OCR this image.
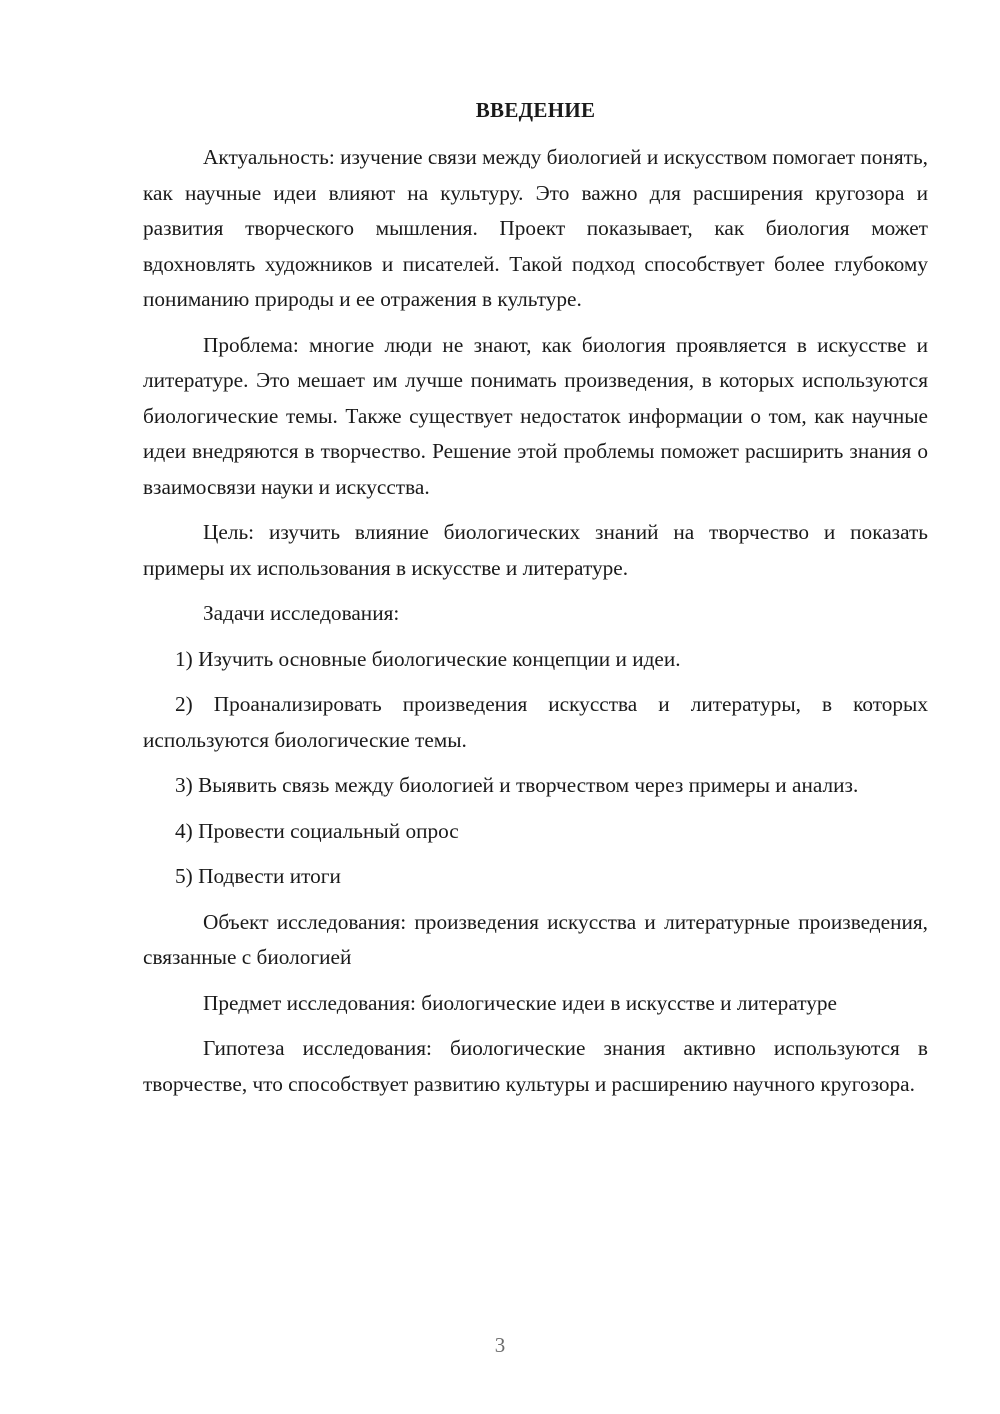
ВВЕДЕНИЕ

Актуальность: изучение связи между биологией и искусством помогает понять, как научные идеи влияют на культуру. Это важно для расширения кругозора и развития творческого мышления. Проект показывает, как биология может вдохновлять художников и писателей. Такой подход способствует более глубокому пониманию природы и ее отражения в культуре.

Проблема: многие люди не знают, как биология проявляется в искусстве и литературе. Это мешает им лучше понимать произведения, в которых используются биологические темы. Также существует недостаток информации о том, как научные идеи внедряются в творчество. Решение этой проблемы поможет расширить знания о взаимосвязи науки и искусства.

Цель: изучить влияние биологических знаний на творчество и показать примеры их использования в искусстве и литературе.

Задачи исследования:

1) Изучить основные биологические концепции и идеи.

2) Проанализировать произведения искусства и литературы, в которых используются биологические темы.

3) Выявить связь между биологией и творчеством через примеры и анализ.

4) Провести социальный опрос

5) Подвести итоги

Объект исследования: произведения искусства и литературные произведения, связанные с биологией

Предмет исследования: биологические идеи в искусстве и литературе

Гипотеза исследования: биологические знания активно используются в творчестве, что способствует развитию культуры и расширению научного кругозора.

3
